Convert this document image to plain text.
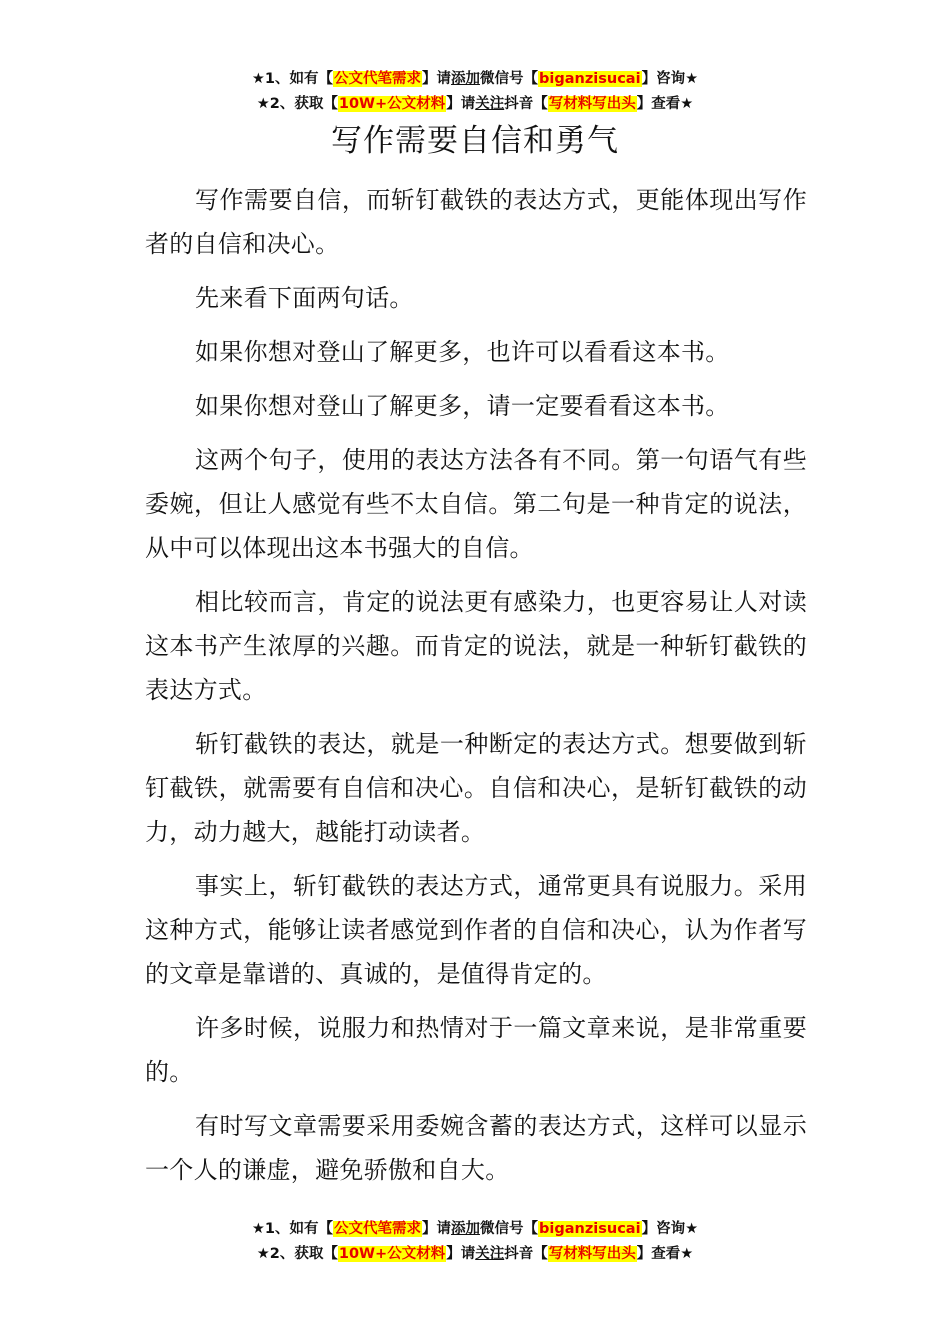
★1、如有【公文代笔需求】请添加微信号【biganzisucai】咨询★
★2、获取【10W+公文材料】请关注抖音【写材料写出头】查看★
写作需要自信和勇气

写作需要自信，而斩钉截铁的表达方式，更能体现出写作者的自信和决心。

先来看下面两句话。

如果你想对登山了解更多，也许可以看看这本书。

如果你想对登山了解更多，请一定要看看这本书。

这两个句子，使用的表达方法各有不同。第一句语气有些委婉，但让人感觉有些不太自信。第二句是一种肯定的说法，从中可以体现出这本书强大的自信。

相比较而言，肯定的说法更有感染力，也更容易让人对读这本书产生浓厚的兴趣。而肯定的说法，就是一种斩钉截铁的表达方式。

斩钉截铁的表达，就是一种断定的表达方式。想要做到斩钉截铁，就需要有自信和决心。自信和决心，是斩钉截铁的动力，动力越大，越能打动读者。

事实上，斩钉截铁的表达方式，通常更具有说服力。采用这种方式，能够让读者感觉到作者的自信和决心，认为作者写的文章是靠谱的、真诚的，是值得肯定的。

许多时候，说服力和热情对于一篇文章来说，是非常重要的。

有时写文章需要采用委婉含蓄的表达方式，这样可以显示一个人的谦虚，避免骄傲和自大。

★1、如有【公文代笔需求】请添加微信号【biganzisucai】咨询★
★2、获取【10W+公文材料】请关注抖音【写材料写出头】查看★
